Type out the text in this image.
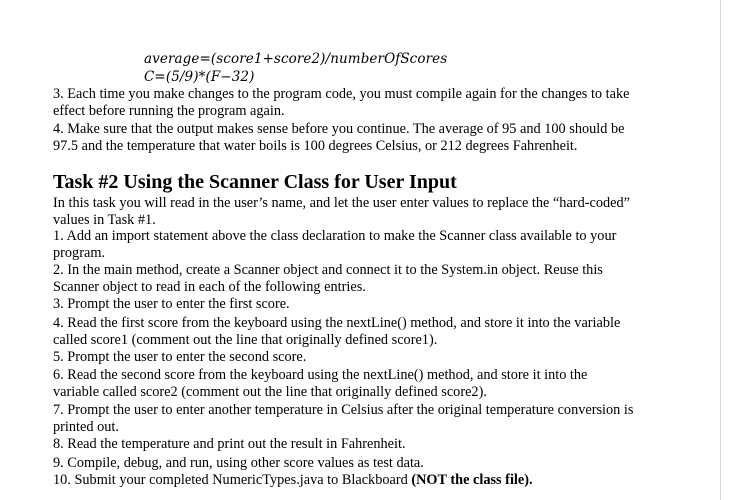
average=(score1+score2)/numberOfScores
C=(5/9)*(F−32)

3. Each time you make changes to the program code, you must compile again for the changes to take
effect before running the program again.

4. Make sure that the output makes sense before you continue. The average of 95 and 100 should be
97.5 and the temperature that water boils is 100 degrees Celsius, or 212 degrees Fahrenheit.

Task #2 Using the Scanner Class for User Input

In this task you will read in the user’s name, and let the user enter values to replace the “hard-coded”
values in Task #1.

1. Add an import statement above the class declaration to make the Scanner class available to your
program.

2. In the main method, create a Scanner object and connect it to the System.in object. Reuse this
Scanner object to read in each of the following entries.

3. Prompt the user to enter the first score.

4. Read the first score from the keyboard using the nextLine() method, and store it into the variable
called score1 (comment out the line that originally defined score1).

5. Prompt the user to enter the second score.

6. Read the second score from the keyboard using the nextLine() method, and store it into the
variable called score2 (comment out the line that originally defined score2).

7. Prompt the user to enter another temperature in Celsius after the original temperature conversion is
printed out.

8. Read the temperature and print out the result in Fahrenheit.

9. Compile, debug, and run, using other score values as test data.

10. Submit your completed NumericTypes.java to Blackboard (NOT the class file).
